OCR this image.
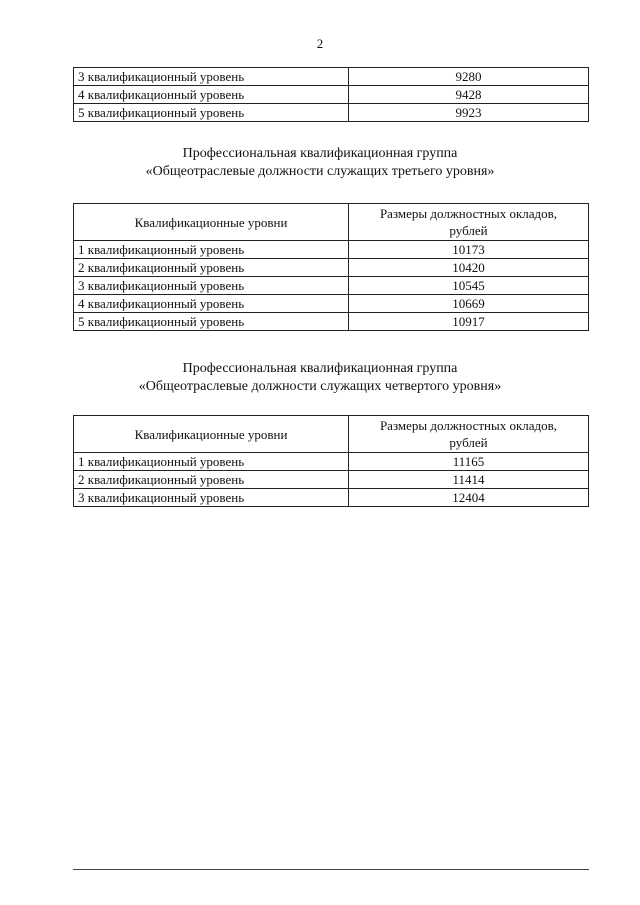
2
3 квалификационный уровень	9280
4 квалификационный уровень	9428
5 квалификационный уровень	9923
Профессиональная квалификационная группа
«Общеотраслевые должности служащих третьего уровня»
Квалификационные уровни	Размеры должностных окладов,
рублей

1 квалификационный уровень	10173
2 квалификационный уровень	10420
3 квалификационный уровень	10545
4 квалификационный уровень	10669
5 квалификационный уровень	10917
Профессиональная квалификационная группа
«Общеотраслевые должности служащих четвертого уровня»
Квалификационные уровни	Размеры должностных окладов,
рублей

1 квалификационный уровень	11165
2 квалификационный уровень	11414
3 квалификационный уровень	12404
